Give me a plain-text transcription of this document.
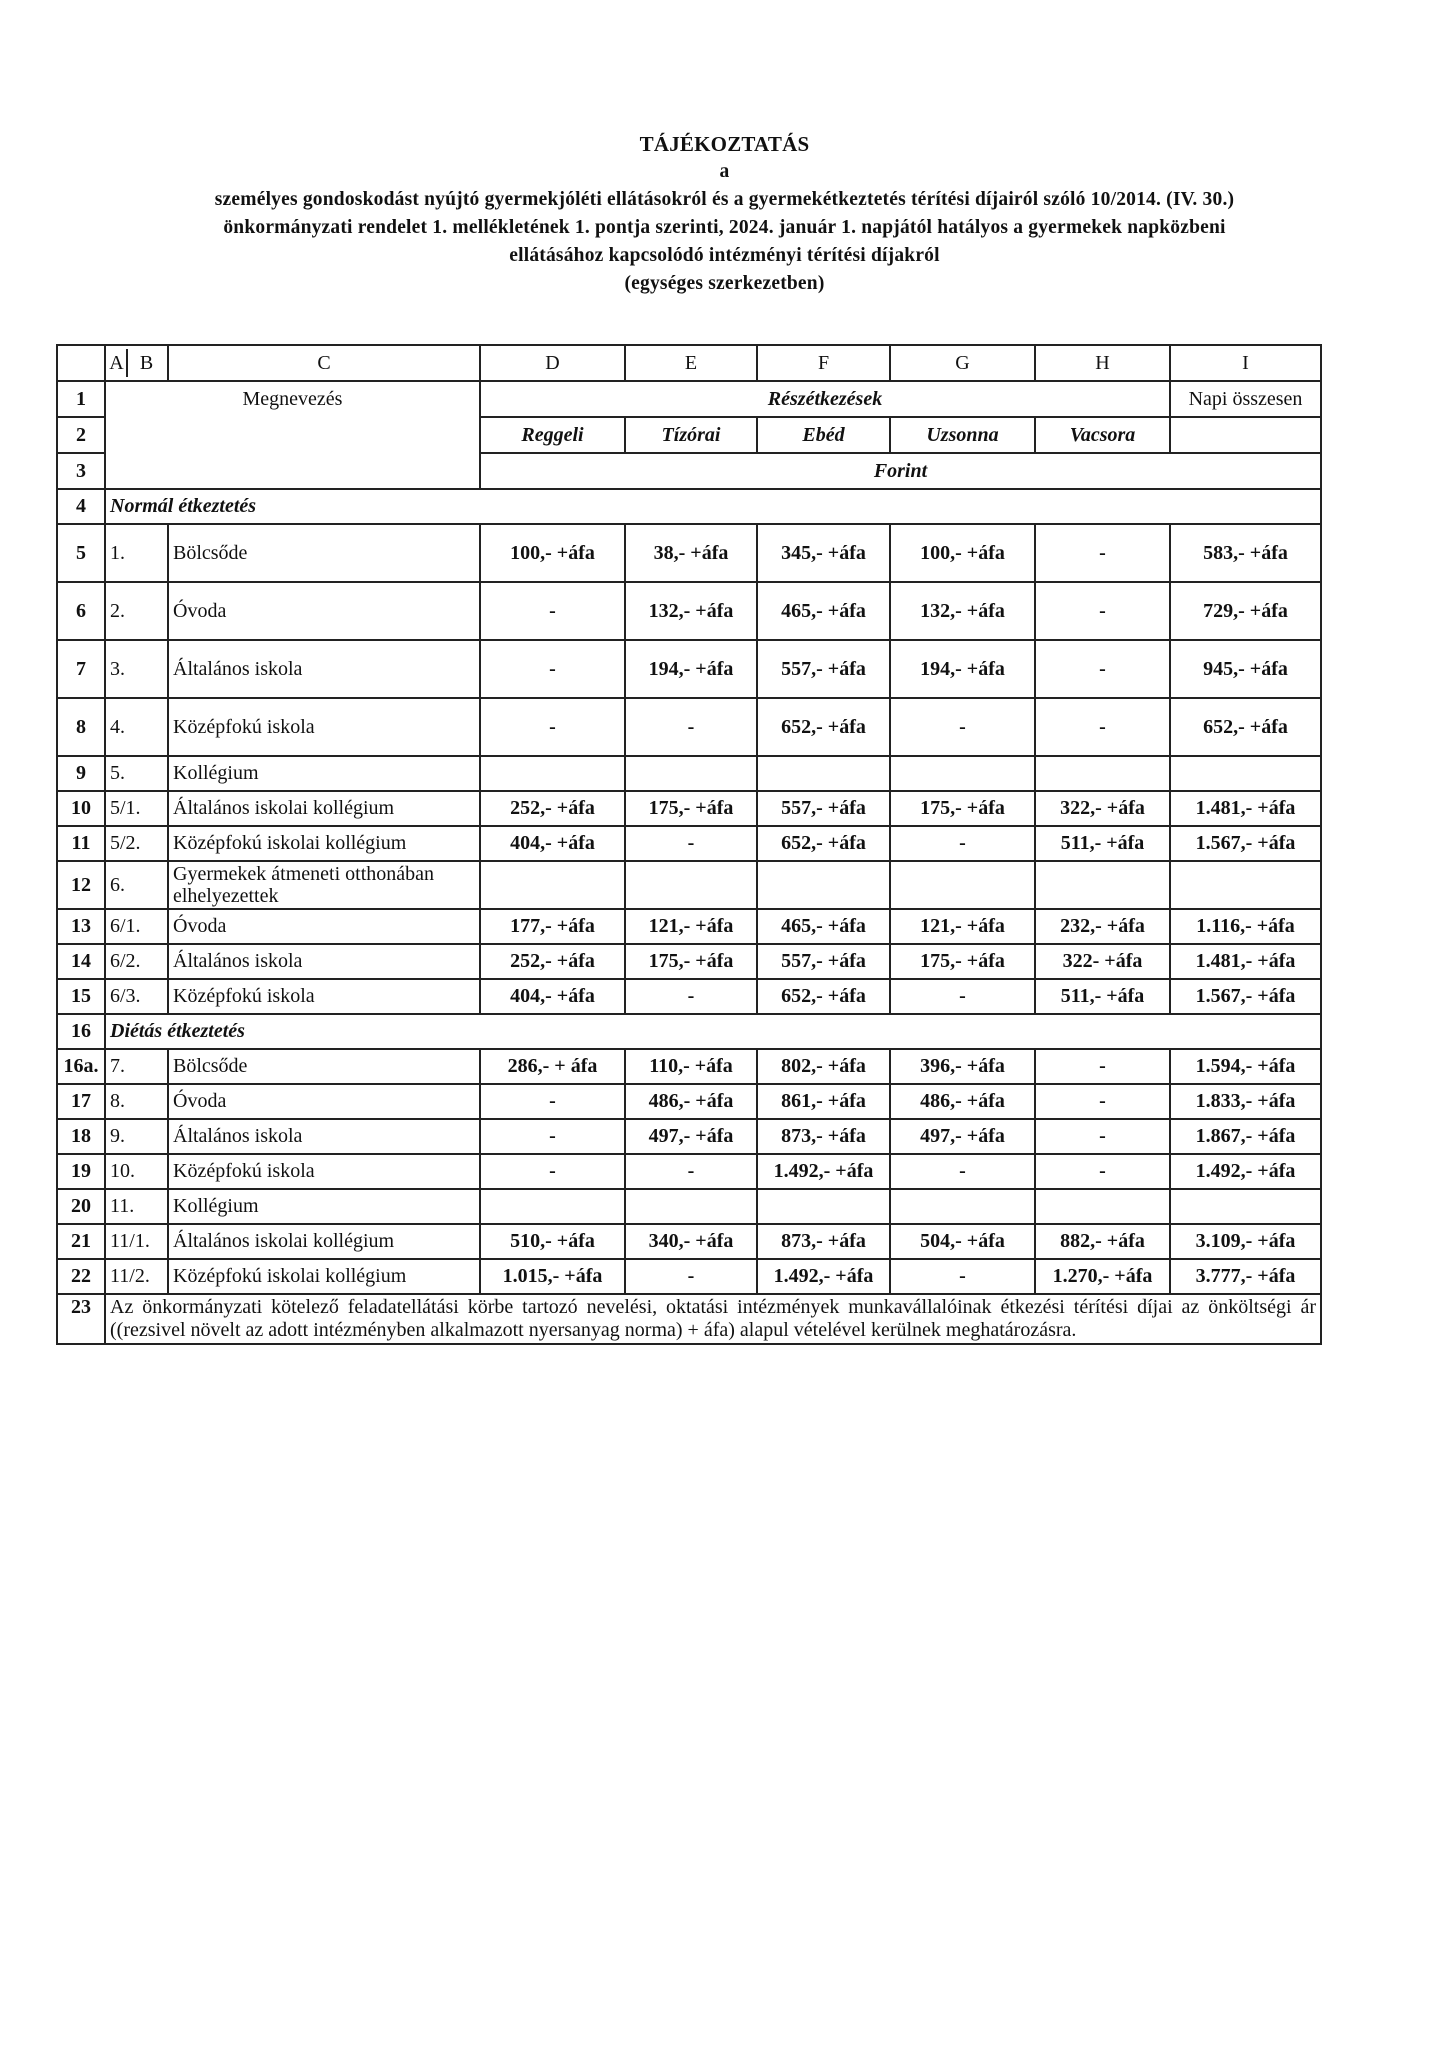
TÁJÉKOZTATÁS
a
személyes gondoskodást nyújtó gyermekjóléti ellátásokról és a gyermekétkeztetés térítési díjairól szóló 10/2014. (IV. 30.)
önkormányzati rendelet 1. mellékletének 1. pontja szerinti, 2024. január 1. napjától hatályos a gyermekek napközbeni
ellátásához kapcsolódó intézményi térítési díjakról
(egységes szerkezetben)
	A B	C	D	E	F	G	H	I
1	Megnevezés		Részétkezések					Napi összesen
2			Reggeli	Tízórai	Ebéd	Uzsonna	Vacsora	
3			Forint					
4	Normál étkeztetés							
5	1.	Bölcsőde	100,- +áfa	38,- +áfa	345,- +áfa	100,- +áfa	-	583,- +áfa
6	2.	Óvoda	-	132,- +áfa	465,- +áfa	132,- +áfa	-	729,- +áfa
7	3.	Általános iskola	-	194,- +áfa	557,- +áfa	194,- +áfa	-	945,- +áfa
8	4.	Középfokú iskola	-	-	652,- +áfa	-	-	652,- +áfa
9	5.	Kollégium						
10	5/1.	Általános iskolai kollégium	252,- +áfa	175,- +áfa	557,- +áfa	175,- +áfa	322,- +áfa	1.481,- +áfa
11	5/2.	Középfokú iskolai kollégium	404,- +áfa	-	652,- +áfa	-	511,- +áfa	1.567,- +áfa
12	6.	Gyermekek átmeneti otthonában elhelyezettek						
13	6/1.	Óvoda	177,- +áfa	121,- +áfa	465,- +áfa	121,- +áfa	232,- +áfa	1.116,- +áfa
14	6/2.	Általános iskola	252,- +áfa	175,- +áfa	557,- +áfa	175,- +áfa	322- +áfa	1.481,- +áfa
15	6/3.	Középfokú iskola	404,- +áfa	-	652,- +áfa	-	511,- +áfa	1.567,- +áfa
16	Diétás étkeztetés							
16a.	7.	Bölcsőde	286,- + áfa	110,- +áfa	802,- +áfa	396,- +áfa	-	1.594,- +áfa
17	8.	Óvoda	-	486,- +áfa	861,- +áfa	486,- +áfa	-	1.833,- +áfa
18	9.	Általános iskola	-	497,- +áfa	873,- +áfa	497,- +áfa	-	1.867,- +áfa
19	10.	Középfokú iskola	-	-	1.492,- +áfa	-	-	1.492,- +áfa
20	11.	Kollégium						
21	11/1.	Általános iskolai kollégium	510,- +áfa	340,- +áfa	873,- +áfa	504,- +áfa	882,- +áfa	3.109,- +áfa
22	11/2.	Középfokú iskolai kollégium	1.015,- +áfa	-	1.492,- +áfa	-	1.270,- +áfa	3.777,- +áfa
23	Az önkormányzati kötelező feladatellátási körbe tartozó nevelési, oktatási intézmények munkavállalóinak étkezési térítési díjai az önköltségi ár ((rezsivel növelt az adott intézményben alkalmazott nyersanyag norma) + áfa) alapul vételével kerülnek meghatározásra.							
